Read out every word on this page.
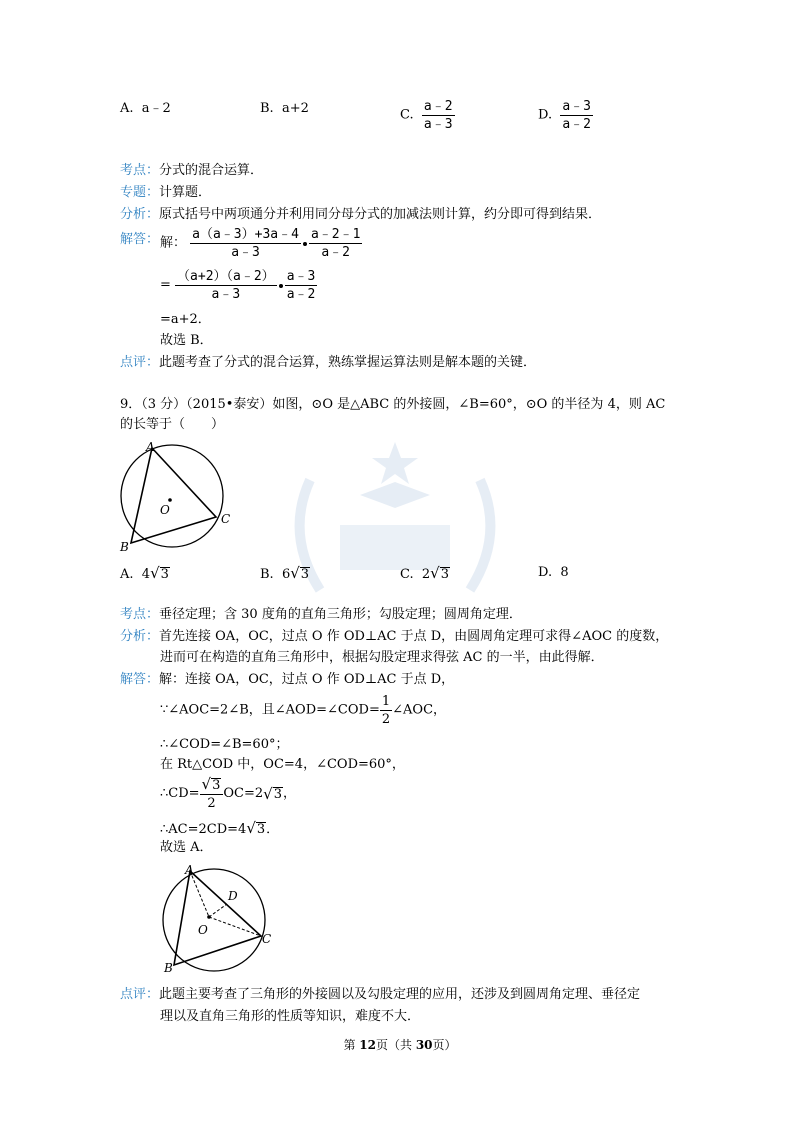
A. a﹣2	B. a+2	C. $\frac{a﹣2}{a﹣3}$	D. $\frac{a﹣3}{a﹣2}$
考点：分式的混合运算．
专题：计算题．
分析：原式括号中两项通分并利用同分母分式的加减法则计算，约分即可得到结果．
解答： 解： $\frac{a(a﹣3)+3a﹣4}{a﹣3} \frac{a﹣2﹣1}{a﹣2}$
= $\frac{(a+2)(a﹣2)}{a﹣3} \frac{a﹣3}{a﹣2}$
=a+2．
故选 B．
点评：此题考查了分式的混合运算，熟练掌握运算法则是解本题的关键．
9．（3 分）（2015•泰安）如图，⊙O 是△ABC 的外接圆，∠B=60°，⊙O 的半径为 4，则 AC
的长等于（　　）
A
B
C
O
A. 4√3	B. 6√3	C. 2√3	D. 8
考点：垂径定理；含 30 度角的直角三角形；勾股定理；圆周角定理．
分析：首先连接 OA，OC，过点 O 作 OD⊥AC 于点 D，由圆周角定理可求得∠AOC 的度数，
进而可在构造的直角三角形中，根据勾股定理求得弦 AC 的一半，由此得解．
解答：解：连接 OA，OC，过点 O 作 OD⊥AC 于点 D，
∵∠AOC=2∠B，且∠AOD=∠COD= $\frac{1}{2}$ ∠AOC，
∴∠COD=∠B=60°；
在 Rt△COD 中，OC=4，∠COD=60°，
∴CD= $\frac{√3}{2} OC=2√3$，
∴AC=2CD=4√3．
故选 A．
A
B
C
D
O
点评：此题主要考查了三角形的外接圆以及勾股定理的应用，还涉及到圆周角定理、垂径定
理以及直角三角形的性质等知识，难度不大．
第 12页（共 30页）
